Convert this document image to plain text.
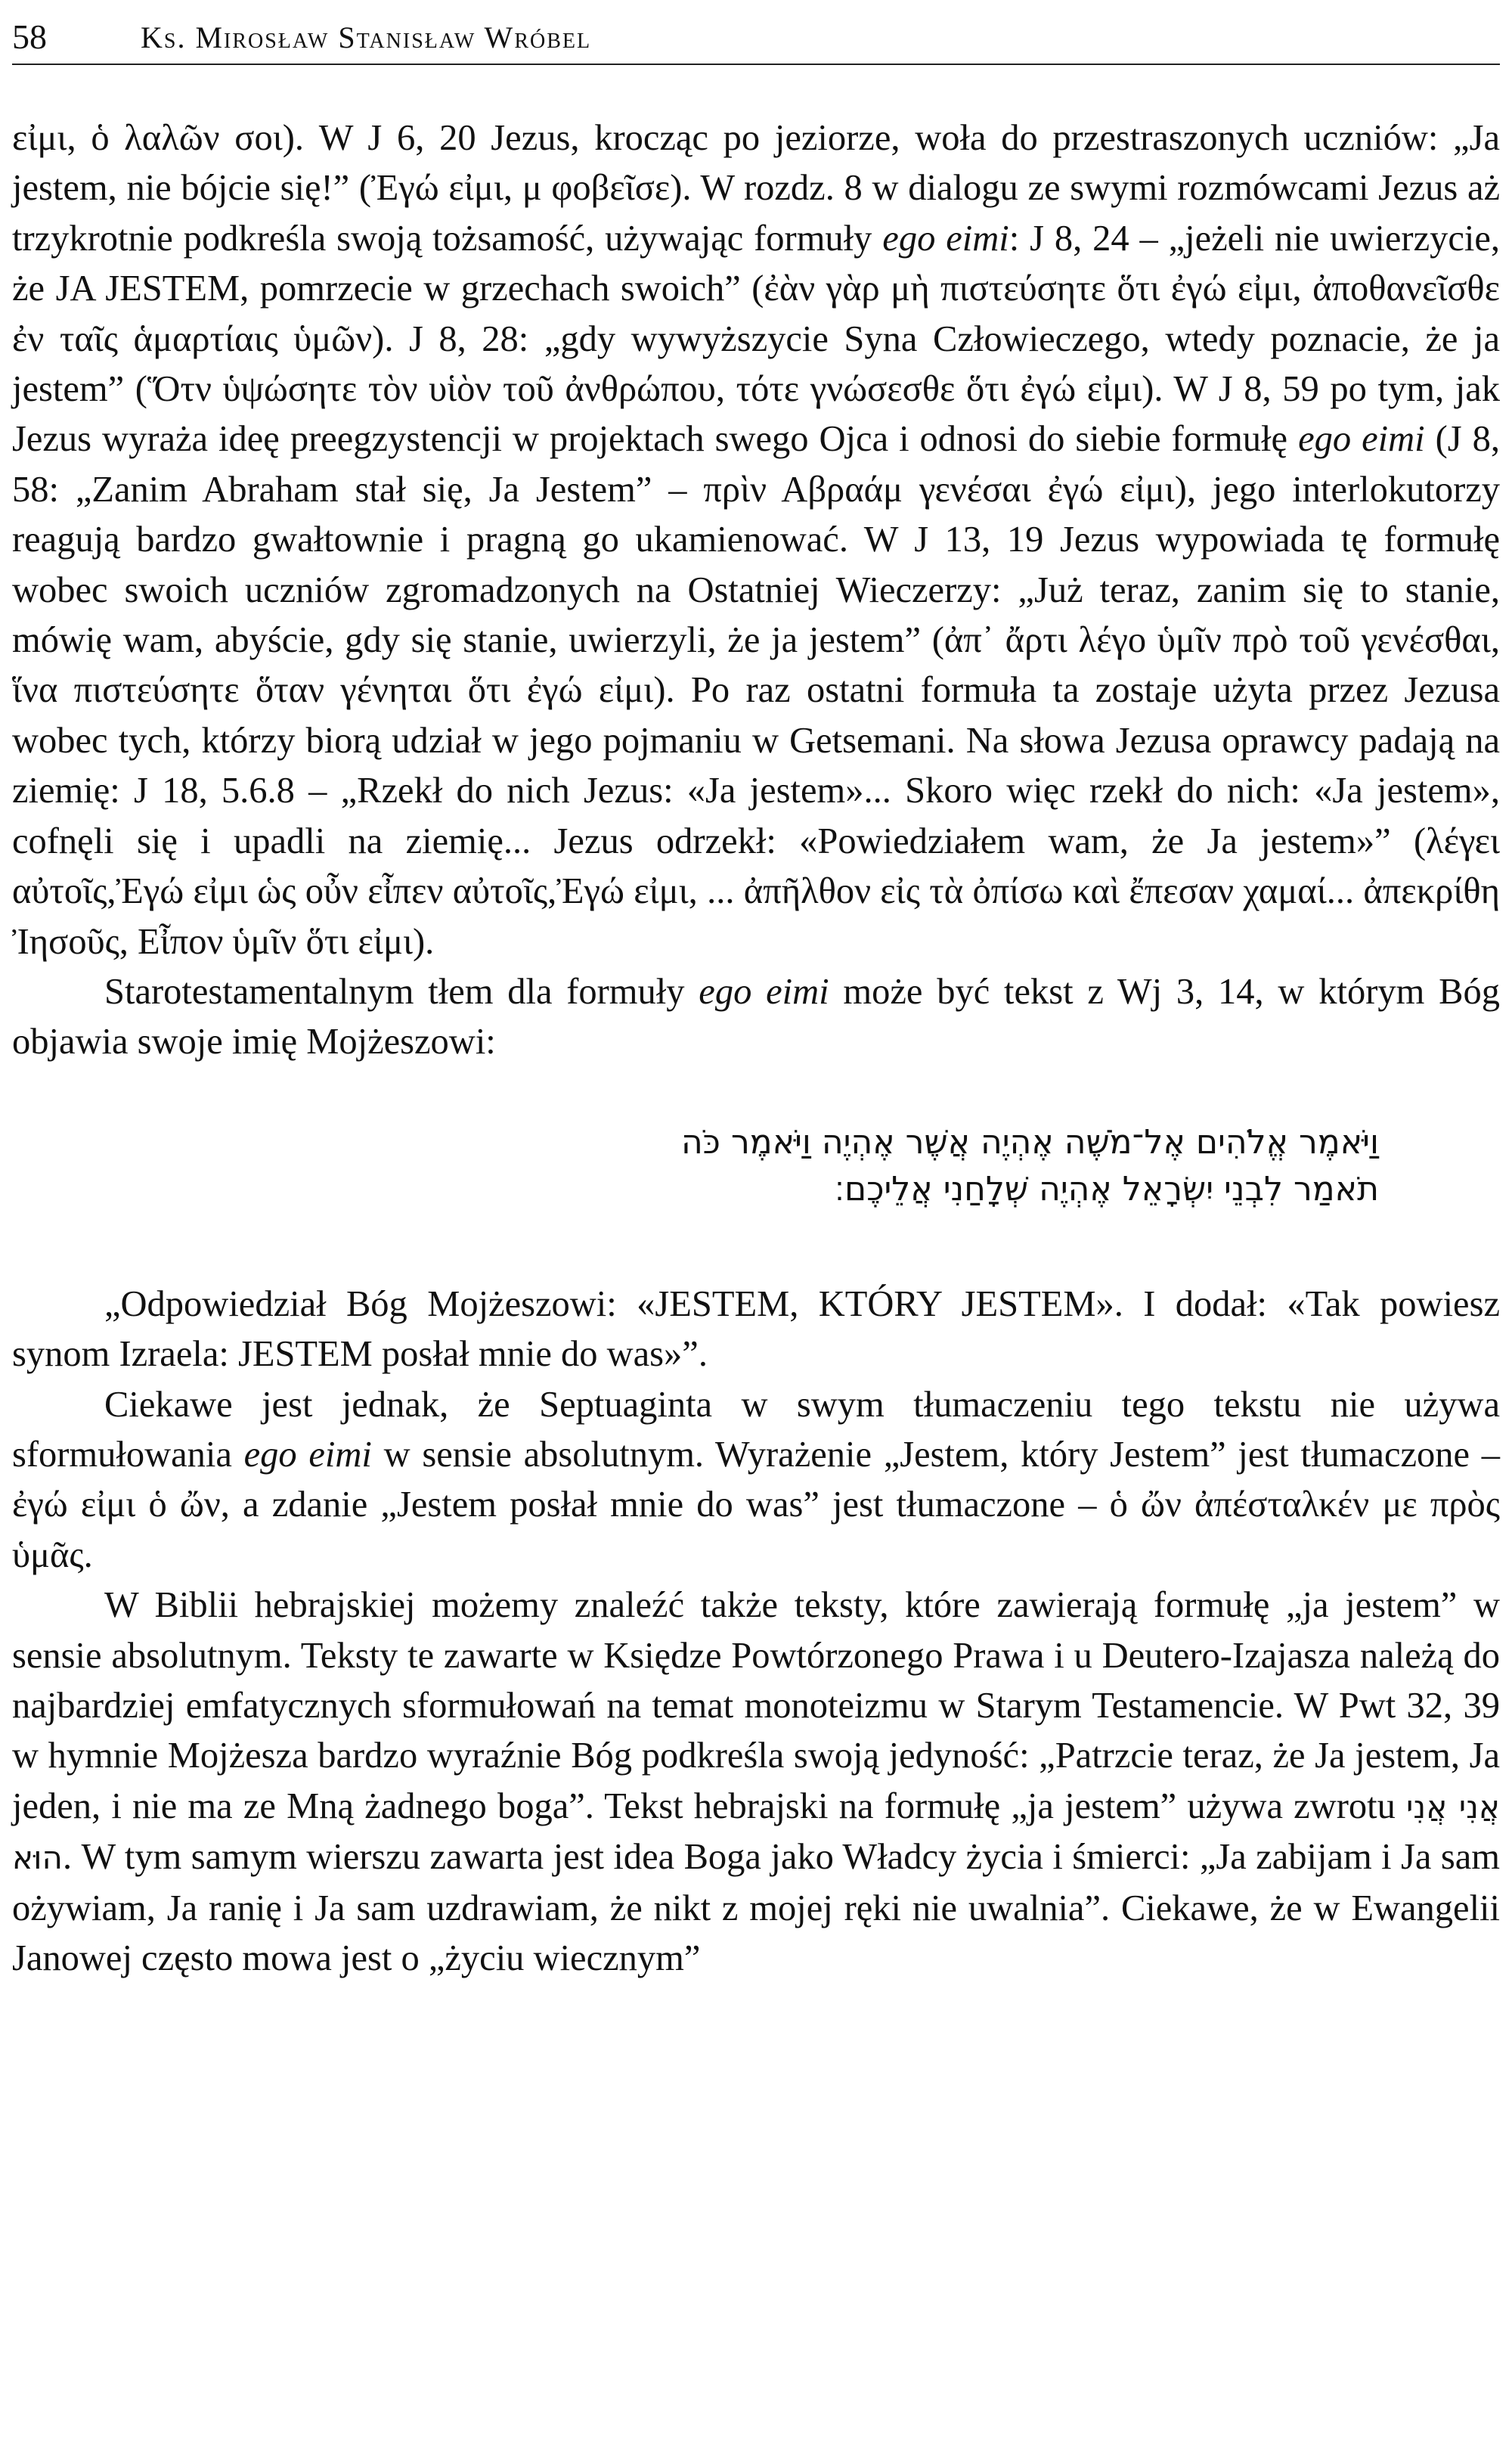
58	Ks. Mirosław Stanisław Wróbel

εἰμι, ὁ λαλῶν σοι). W J 6, 20 Jezus, krocząc po jeziorze, woła do przestraszonych uczniów: „Ja jestem, nie bójcie się!” (Ἐγώ εἰμι, μ φοβεῖσε). W rozdz. 8 w dialogu ze swymi rozmówcami Jezus aż trzykrotnie podkreśla swoją tożsamość, używając formuły ego eimi: J 8, 24 – „jeżeli nie uwierzycie, że JA JESTEM, pomrzecie w grzechach swoich” (ἐὰν γὰρ μὴ πιστεύσητε ὅτι ἐγώ εἰμι, ἀποθανεῖσθε ἐν ταῖς ἁμαρτίαις ὑμῶν). J 8, 28: „gdy wywyższycie Syna Człowieczego, wtedy poznacie, że ja jestem” (Ὅτν ὑψώσητε τὸν υἱὸν τοῦ ἀνθρώπου, τότε γνώσεσθε ὅτι ἐγώ εἰμι). W J 8, 59 po tym, jak Jezus wyraża ideę preegzystencji w projektach swego Ojca i odnosi do siebie formułę ego eimi (J 8, 58: „Zanim Abraham stał się, Ja Jestem” – πρὶν Αβραάμ γενέσαι ἐγώ εἰμι), jego interlokutorzy reagują bardzo gwałtownie i pragną go ukamienować. W J 13, 19 Jezus wypowiada tę formułę wobec swoich uczniów zgromadzonych na Ostatniej Wieczerzy: „Już teraz, zanim się to stanie, mówię wam, abyście, gdy się stanie, uwierzyli, że ja jestem” (ἀπ᾽ ἄρτι λέγο ὑμῖν πρὸ τοῦ γενέσθαι, ἵνα πιστεύσητε ὅταν γένηται ὅτι ἐγώ εἰμι). Po raz ostatni formuła ta zostaje użyta przez Jezusa wobec tych, którzy biorą udział w jego pojmaniu w Getsemani. Na słowa Jezusa oprawcy padają na ziemię: J 18, 5.6.8 – „Rzekł do nich Jezus: «Ja jestem»... Skoro więc rzekł do nich: «Ja jestem», cofnęli się i upadli na ziemię... Jezus odrzekł: «Powiedziałem wam, że Ja jestem»” (λέγει αὐτοῖς,Ἐγώ εἰμι ὡς οὖν εἶπεν αὐτοῖς,Ἐγώ εἰμι, ... ἀπῆλθον εἰς τὰ ὀπίσω καὶ ἔπεσαν χαμαί... ἀπεκρίθη Ἰησοῦς, Εἶπον ὑμῖν ὅτι εἰμι).

Starotestamentalnym tłem dla formuły ego eimi może być tekst z Wj 3, 14, w którym Bóg objawia swoje imię Mojżeszowi:

וַיֹּאמֶר אֱלֹהִים אֶל־מֹשֶׁה אֶהְיֶה אֲשֶׁר אֶהְיֶה וַיֹּאמֶר כֹּה
תֹאמַר לִבְנֵי יִשְׂרָאֵל אֶהְיֶה שְׁלָחַנִי אֲלֵיכֶם׃

„Odpowiedział Bóg Mojżeszowi: «JESTEM, KTÓRY JESTEM». I dodał: «Tak powiesz synom Izraela: JESTEM posłał mnie do was»”.

Ciekawe jest jednak, że Septuaginta w swym tłumaczeniu tego tekstu nie używa sformułowania ego eimi w sensie absolutnym. Wyrażenie „Jestem, który Jestem” jest tłumaczone – ἐγώ εἰμι ὁ ὤν, a zdanie „Jestem posłał mnie do was” jest tłumaczone – ὁ ὤν ἀπέσταλκέν με πρὸς ὑμᾶς.

W Biblii hebrajskiej możemy znaleźć także teksty, które zawierają formułę „ja jestem” w sensie absolutnym. Teksty te zawarte w Księdze Powtórzonego Prawa i u Deutero-Izajasza należą do najbardziej emfatycznych sformułowań na temat monoteizmu w Starym Testamencie. W Pwt 32, 39 w hymnie Mojżesza bardzo wyraźnie Bóg podkreśla swoją jedyność: „Patrzcie teraz, że Ja jestem, Ja jeden, i nie ma ze Mną żadnego boga”. Tekst hebrajski na formułę „ja jestem” używa zwrotu אֲנִי אֲנִי הוּא. W tym samym wierszu zawarta jest idea Boga jako Władcy życia i śmierci: „Ja zabijam i Ja sam ożywiam, Ja ranię i Ja sam uzdrawiam, że nikt z mojej ręki nie uwalnia”. Ciekawe, że w Ewangelii Janowej często mowa jest o „życiu wiecznym”
